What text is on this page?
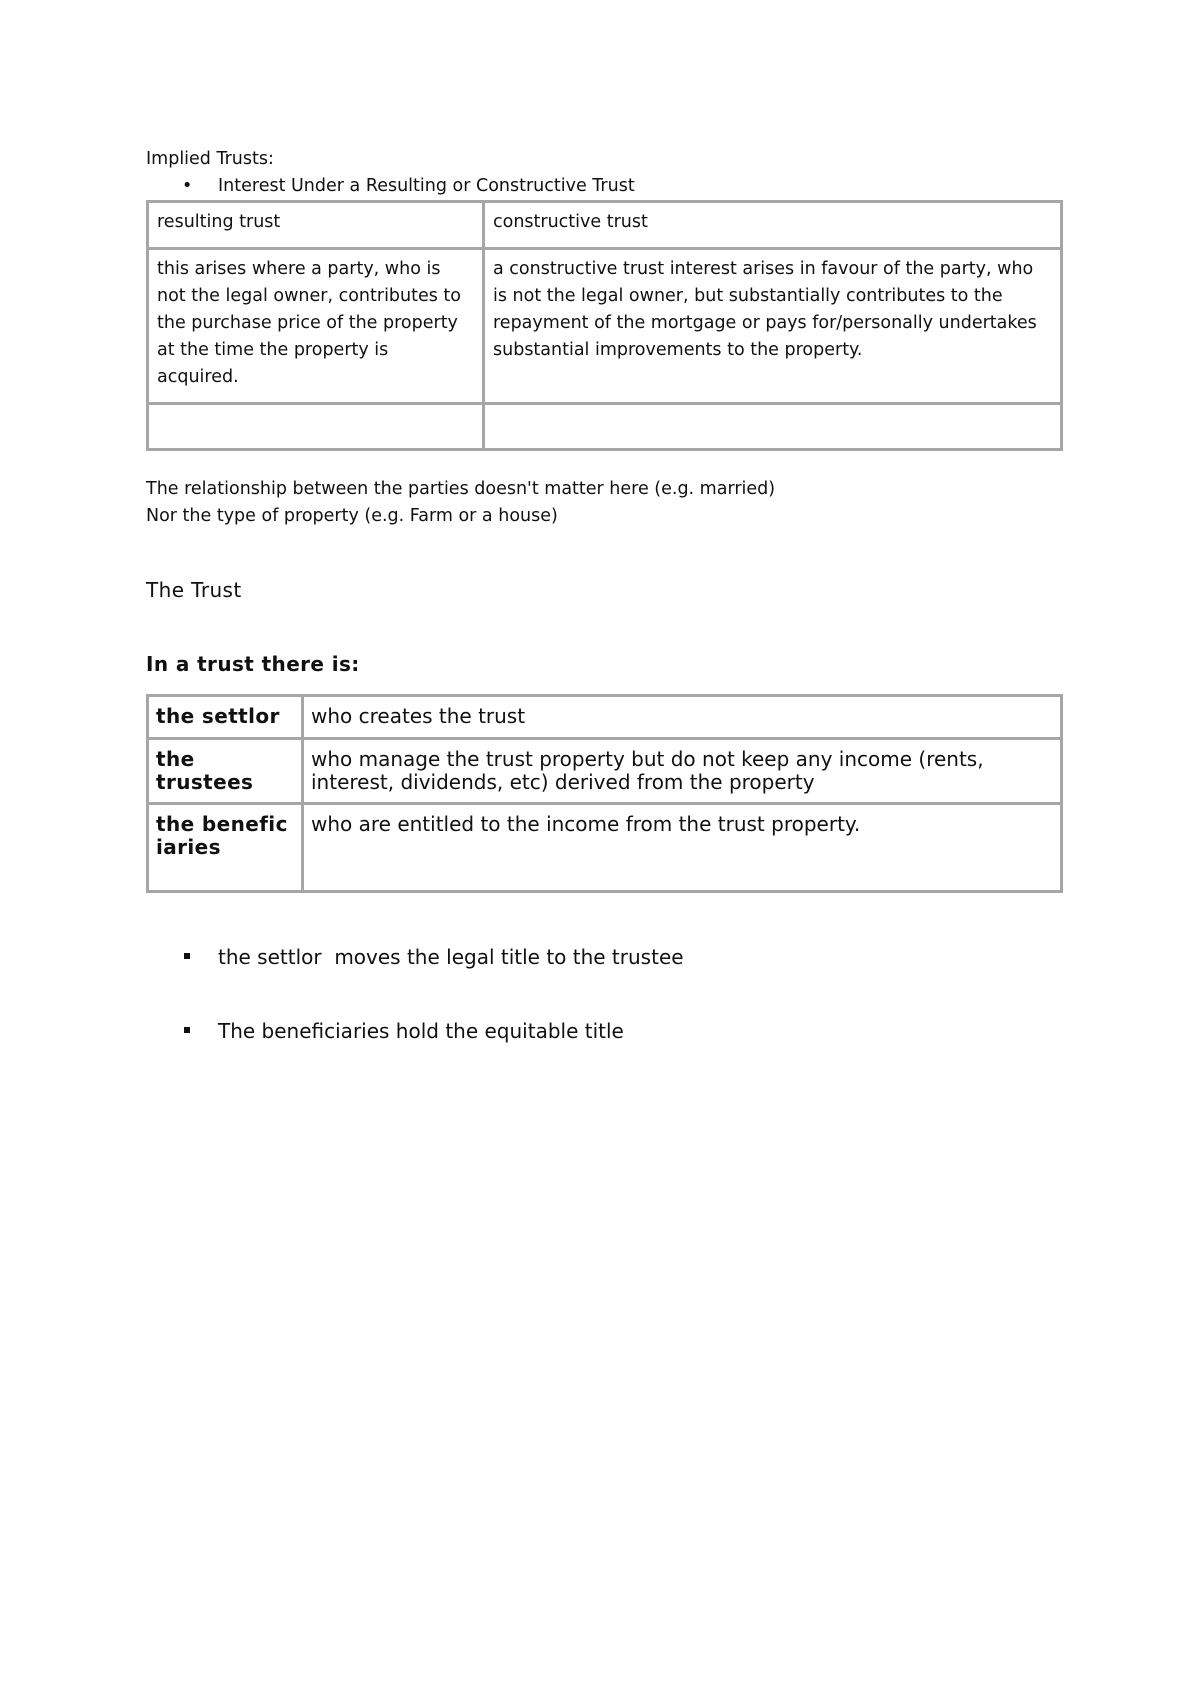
Implied Trusts:
• Interest Under a Resulting or Constructive Trust
resulting trust	constructive trust
this arises where a party, who is not the legal owner, contributes to the purchase price of the property at the time the property is acquired.	a constructive trust interest arises in favour of the party, who is not the legal owner, but substantially contributes to the repayment of the mortgage or pays for/personally undertakes substantial improvements to the property.

The relationship between the parties doesn't matter here (e.g. married)
Nor the type of property (e.g. Farm or a house)
The Trust
In a trust there is:
the settlor	who creates the trust
the trustees	who manage the trust property but do not keep any income (rents, interest, dividends, etc) derived from the property
the beneficiaries	who are entitled to the income from the trust property.
the settlor  moves the legal title to the trustee
The beneficiaries hold the equitable title
